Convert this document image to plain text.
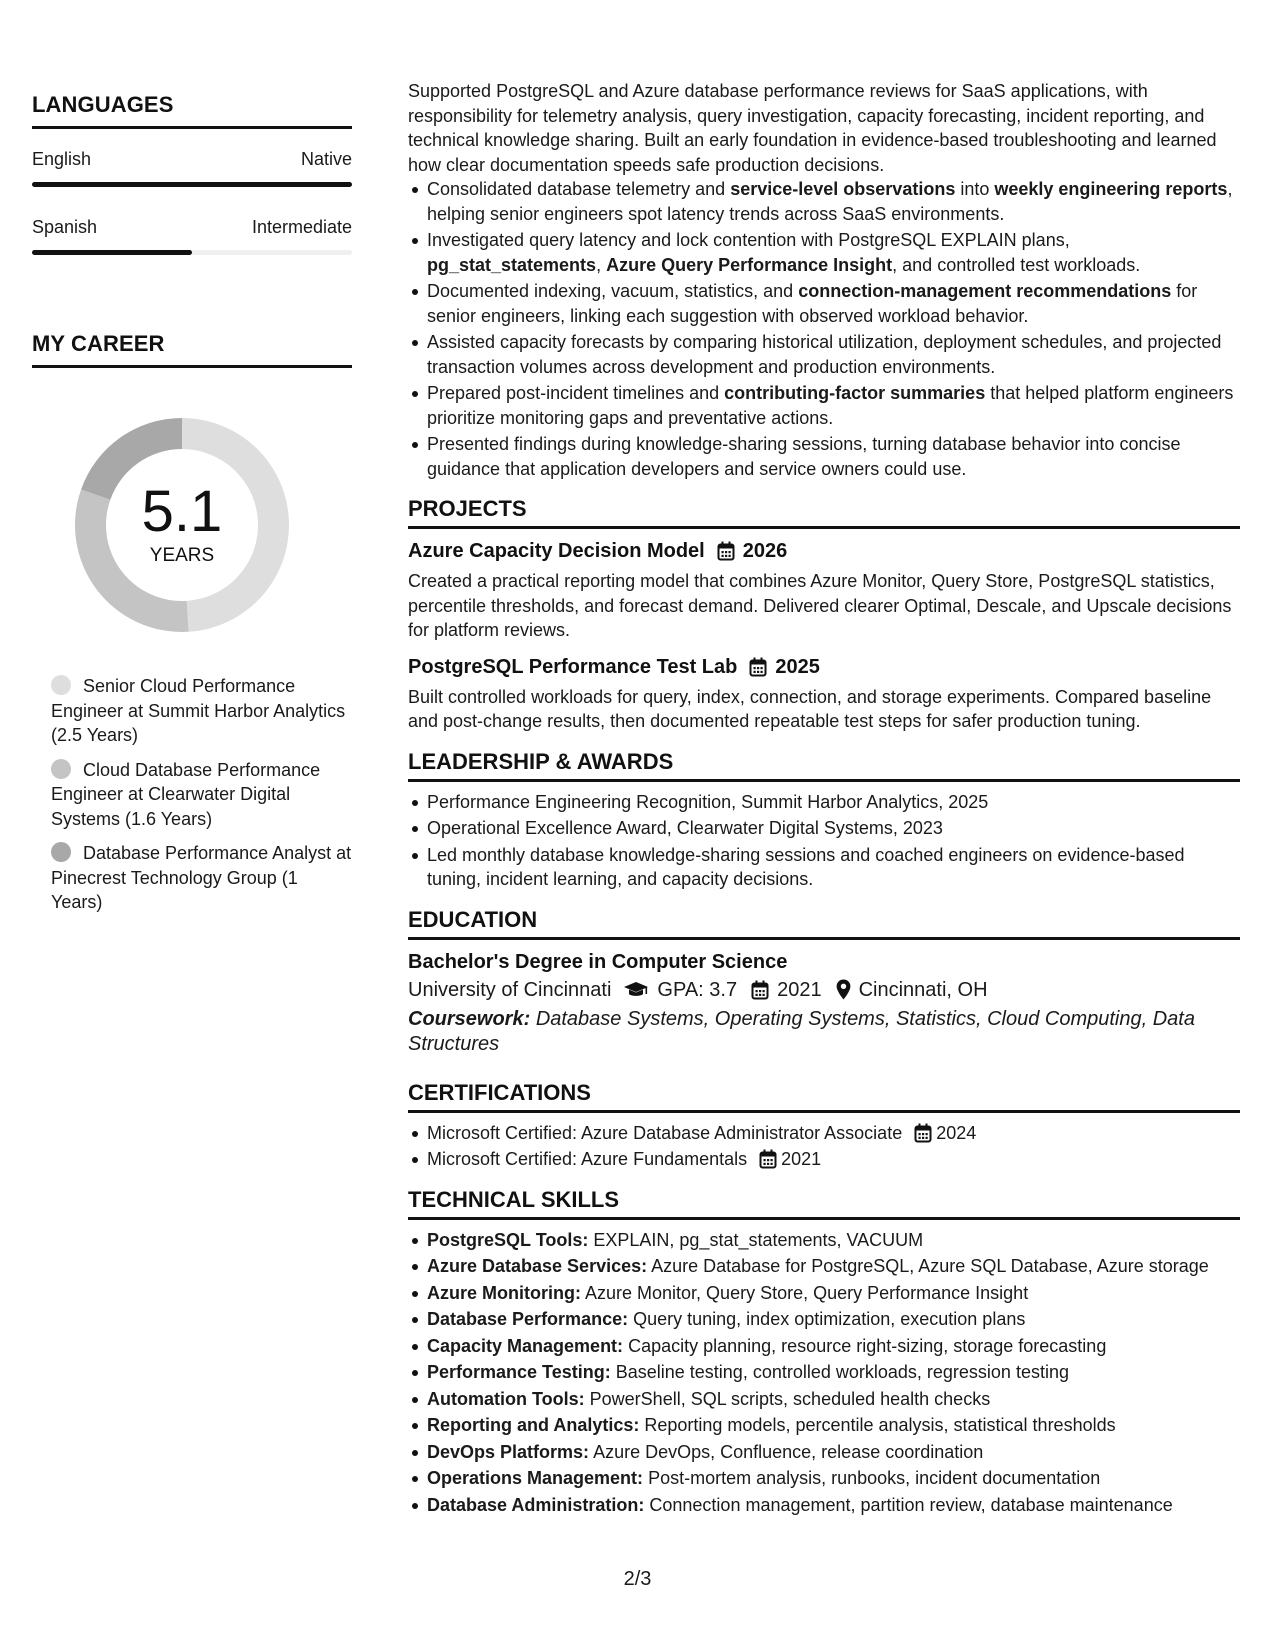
LANGUAGES
English	Native
Spanish	Intermediate
MY CAREER
5.1
YEARS
Senior Cloud Performance Engineer at Summit Harbor Analytics (2.5 Years)
Cloud Database Performance Engineer at Clearwater Digital Systems (1.6 Years)
Database Performance Analyst at Pinecrest Technology Group (1 Years)

Supported PostgreSQL and Azure database performance reviews for SaaS applications, with responsibility for telemetry analysis, query investigation, capacity forecasting, incident reporting, and technical knowledge sharing. Built an early foundation in evidence-based troubleshooting and learned how clear documentation speeds safe production decisions.

Consolidated database telemetry and service-level observations into weekly engineering reports, helping senior engineers spot latency trends across SaaS environments.
Investigated query latency and lock contention with PostgreSQL EXPLAIN plans, pg_stat_statements, Azure Query Performance Insight, and controlled test workloads.
Documented indexing, vacuum, statistics, and connection-management recommendations for senior engineers, linking each suggestion with observed workload behavior.
Assisted capacity forecasts by comparing historical utilization, deployment schedules, and projected transaction volumes across development and production environments.
Prepared post-incident timelines and contributing-factor summaries that helped platform engineers prioritize monitoring gaps and preventative actions.
Presented findings during knowledge-sharing sessions, turning database behavior into concise guidance that application developers and service owners could use.
PROJECTS
Azure Capacity Decision Model 2026

Created a practical reporting model that combines Azure Monitor, Query Store, PostgreSQL statistics, percentile thresholds, and forecast demand. Delivered clearer Optimal, Descale, and Upscale decisions for platform reviews.

PostgreSQL Performance Test Lab 2025

Built controlled workloads for query, index, connection, and storage experiments. Compared baseline and post-change results, then documented repeatable test steps for safer production tuning.

LEADERSHIP & AWARDS
Performance Engineering Recognition, Summit Harbor Analytics, 2025
Operational Excellence Award, Clearwater Digital Systems, 2023
Led monthly database knowledge-sharing sessions and coached engineers on evidence-based tuning, incident learning, and capacity decisions.
EDUCATION
Bachelor's Degree in Computer Science
University of Cincinnati GPA: 3.7 2021 Cincinnati, OH
Coursework: Database Systems, Operating Systems, Statistics, Cloud Computing, Data Structures
CERTIFICATIONS
Microsoft Certified: Azure Database Administrator Associate 2024
Microsoft Certified: Azure Fundamentals 2021
TECHNICAL SKILLS
PostgreSQL Tools: EXPLAIN, pg_stat_statements, VACUUM
Azure Database Services: Azure Database for PostgreSQL, Azure SQL Database, Azure storage
Azure Monitoring: Azure Monitor, Query Store, Query Performance Insight
Database Performance: Query tuning, index optimization, execution plans
Capacity Management: Capacity planning, resource right-sizing, storage forecasting
Performance Testing: Baseline testing, controlled workloads, regression testing
Automation Tools: PowerShell, SQL scripts, scheduled health checks
Reporting and Analytics: Reporting models, percentile analysis, statistical thresholds
DevOps Platforms: Azure DevOps, Confluence, release coordination
Operations Management: Post-mortem analysis, runbooks, incident documentation
Database Administration: Connection management, partition review, database maintenance
2/3
